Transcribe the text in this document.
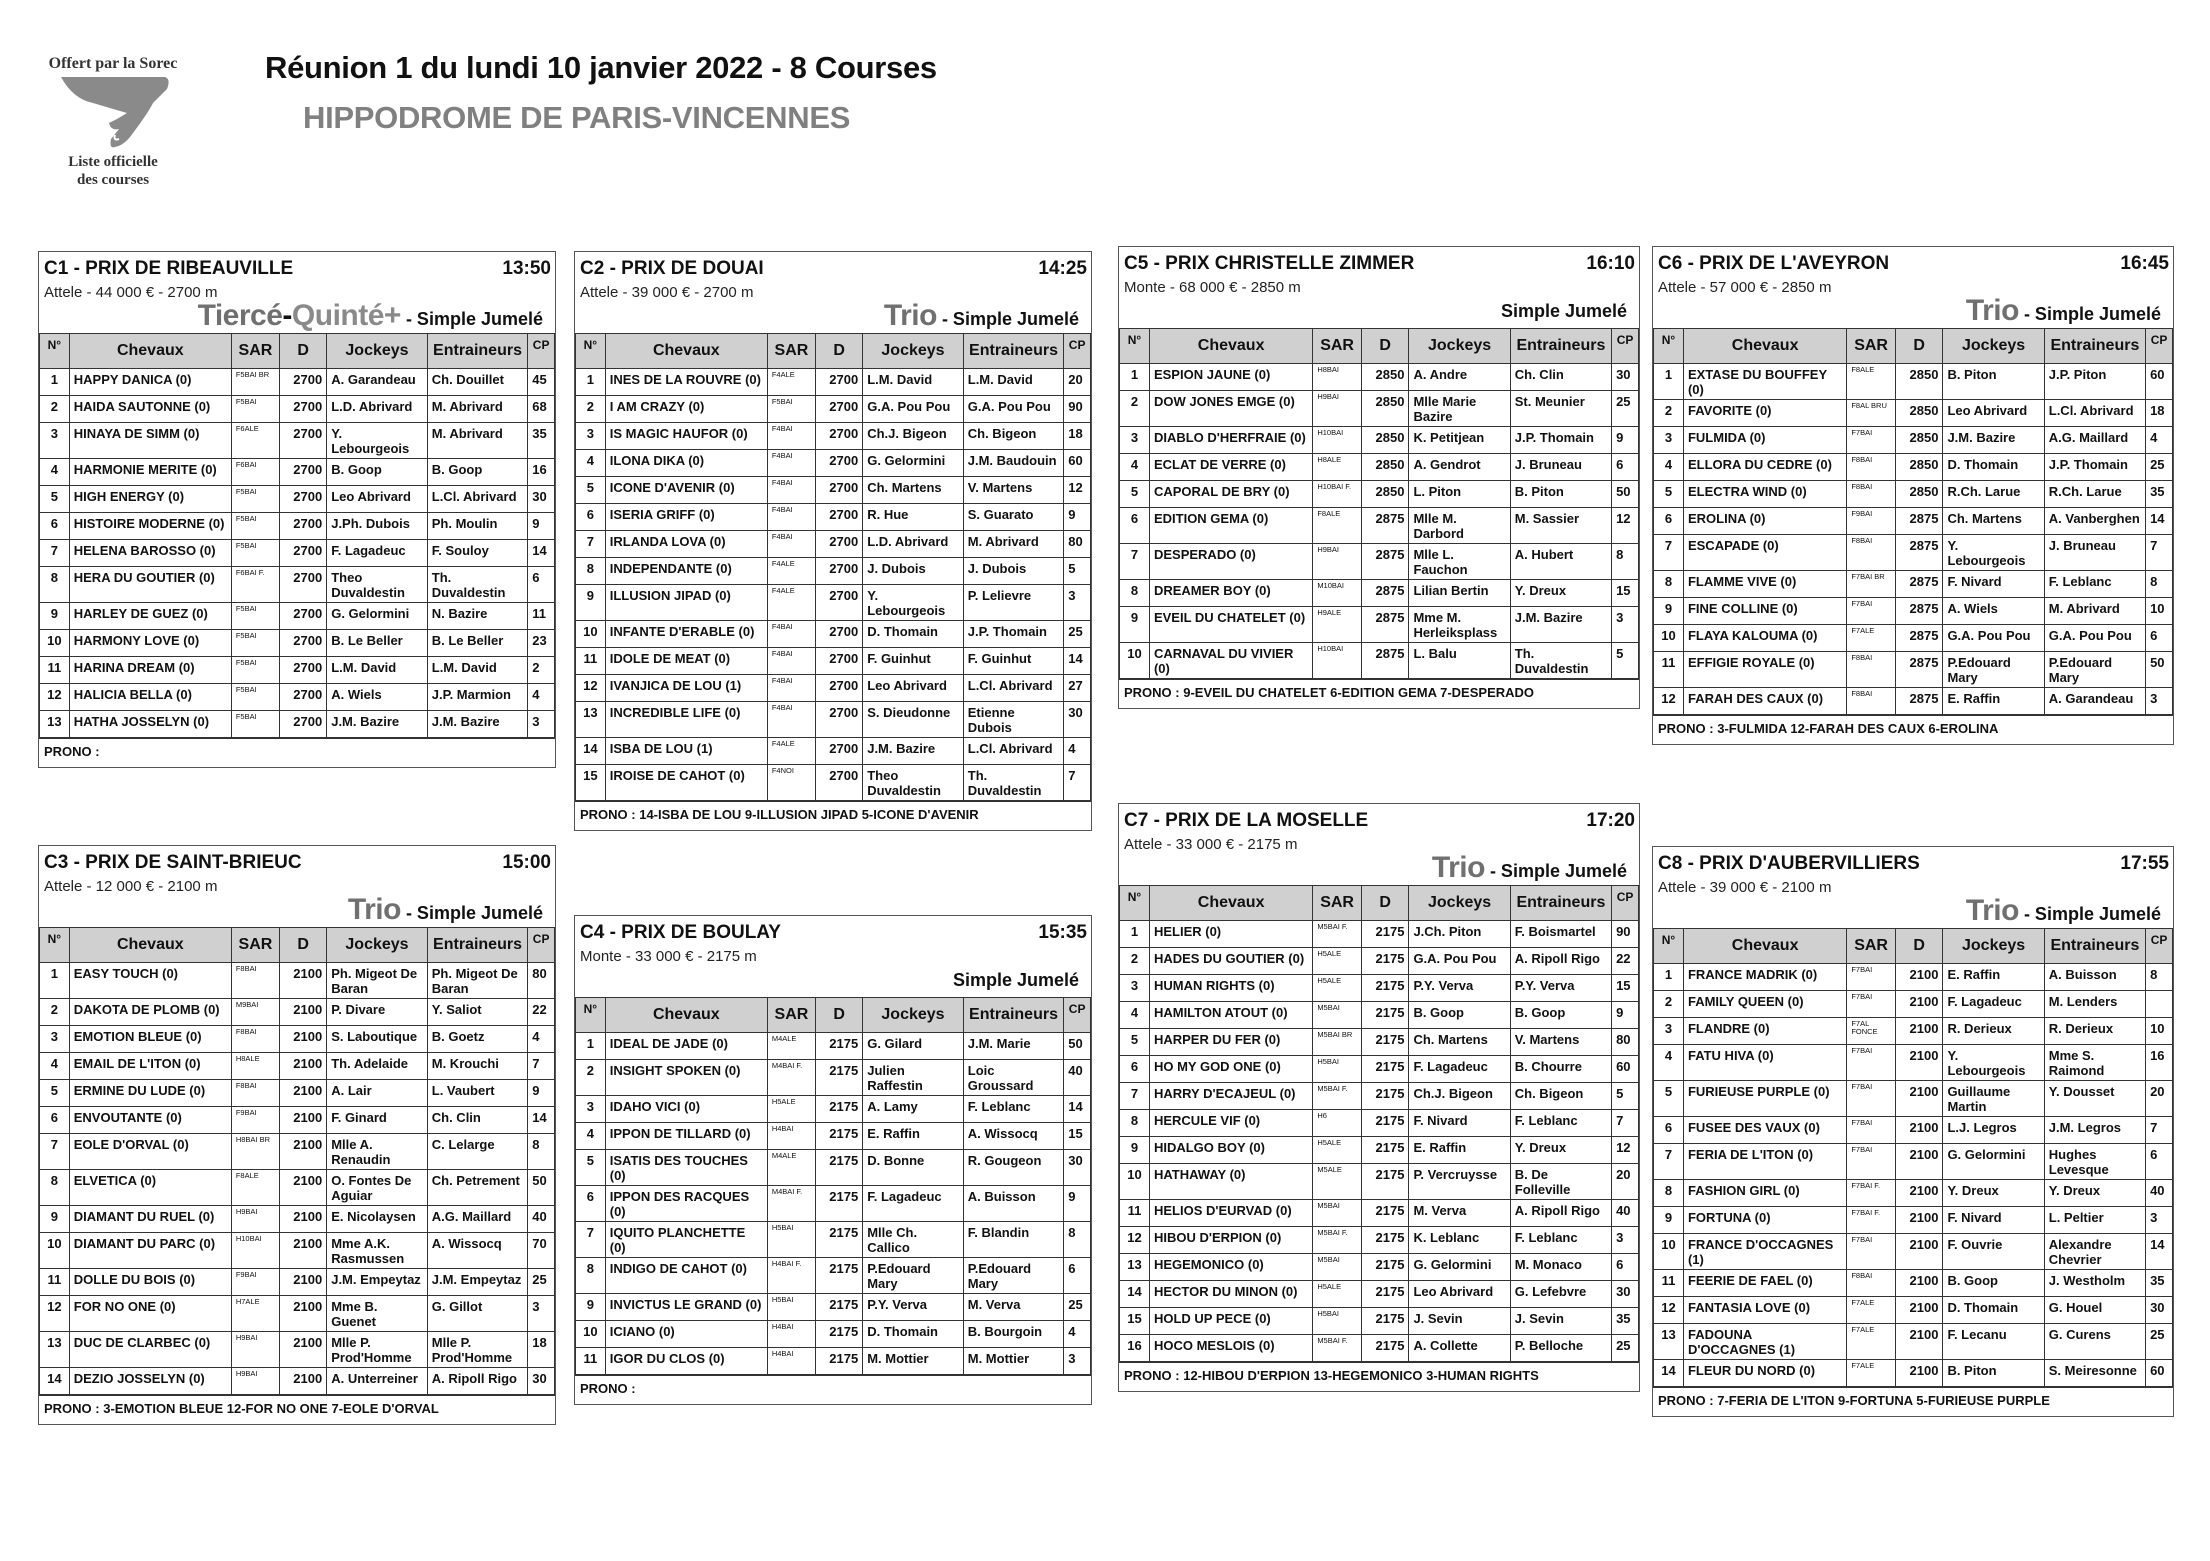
Offert par la Sorec
Liste officielle
des courses
Réunion 1 du lundi 10 janvier 2022 - 8 Courses
HIPPODROME DE PARIS-VINCENNES
C1 - PRIX DE RIBEAUVILLE	13:50
Attele - 44 000 € - 2700 m
Tiercé-Quinté+ - Simple Jumelé
N°	Chevaux	SAR	D	Jockeys	Entraineurs	CP
1	HAPPY DANICA (0)	F5BAI BR	2700	A. Garandeau	Ch. Douillet	45
2	HAIDA SAUTONNE (0)	F5BAI	2700	L.D. Abrivard	M. Abrivard	68
3	HINAYA DE SIMM (0)	F6ALE	2700	Y. Lebourgeois	M. Abrivard	35
4	HARMONIE MERITE (0)	F6BAI	2700	B. Goop	B. Goop	16
5	HIGH ENERGY (0)	F5BAI	2700	Leo Abrivard	L.Cl. Abrivard	30
6	HISTOIRE MODERNE (0)	F5BAI	2700	J.Ph. Dubois	Ph. Moulin	9
7	HELENA BAROSSO (0)	F5BAI	2700	F. Lagadeuc	F. Souloy	14
8	HERA DU GOUTIER (0)	F6BAI F.	2700	Theo Duvaldestin	Th. Duvaldestin	6
9	HARLEY DE GUEZ (0)	F5BAI	2700	G. Gelormini	N. Bazire	11
10	HARMONY LOVE (0)	F5BAI	2700	B. Le Beller	B. Le Beller	23
11	HARINA DREAM (0)	F5BAI	2700	L.M. David	L.M. David	2
12	HALICIA BELLA (0)	F5BAI	2700	A. Wiels	J.P. Marmion	4
13	HATHA JOSSELYN (0)	F5BAI	2700	J.M. Bazire	J.M. Bazire	3
PRONO :
C2 - PRIX DE DOUAI	14:25
Attele - 39 000 € - 2700 m
Trio - Simple Jumelé
N°	Chevaux	SAR	D	Jockeys	Entraineurs	CP
1	INES DE LA ROUVRE (0)	F4ALE	2700	L.M. David	L.M. David	20
2	I AM CRAZY (0)	F5BAI	2700	G.A. Pou Pou	G.A. Pou Pou	90
3	IS MAGIC HAUFOR (0)	F4BAI	2700	Ch.J. Bigeon	Ch. Bigeon	18
4	ILONA DIKA (0)	F4BAI	2700	G. Gelormini	J.M. Baudouin	60
5	ICONE D'AVENIR (0)	F4BAI	2700	Ch. Martens	V. Martens	12
6	ISERIA GRIFF (0)	F4BAI	2700	R. Hue	S. Guarato	9
7	IRLANDA LOVA (0)	F4BAI	2700	L.D. Abrivard	M. Abrivard	80
8	INDEPENDANTE (0)	F4ALE	2700	J. Dubois	J. Dubois	5
9	ILLUSION JIPAD (0)	F4ALE	2700	Y. Lebourgeois	P. Lelievre	3
10	INFANTE D'ERABLE (0)	F4BAI	2700	D. Thomain	J.P. Thomain	25
11	IDOLE DE MEAT (0)	F4BAI	2700	F. Guinhut	F. Guinhut	14
12	IVANJICA DE LOU (1)	F4BAI	2700	Leo Abrivard	L.Cl. Abrivard	27
13	INCREDIBLE LIFE (0)	F4BAI	2700	S. Dieudonne	Etienne Dubois	30
14	ISBA DE LOU (1)	F4ALE	2700	J.M. Bazire	L.Cl. Abrivard	4
15	IROISE DE CAHOT (0)	F4NOI	2700	Theo Duvaldestin	Th. Duvaldestin	7
PRONO : 14-ISBA DE LOU 9-ILLUSION JIPAD 5-ICONE D'AVENIR
C3 - PRIX DE SAINT-BRIEUC	15:00
Attele - 12 000 € - 2100 m
Trio - Simple Jumelé
N°	Chevaux	SAR	D	Jockeys	Entraineurs	CP
1	EASY TOUCH (0)	F8BAI	2100	Ph. Migeot De Baran	Ph. Migeot De Baran	80
2	DAKOTA DE PLOMB (0)	M9BAI	2100	P. Divare	Y. Saliot	22
3	EMOTION BLEUE (0)	F8BAI	2100	S. Laboutique	B. Goetz	4
4	EMAIL DE L'ITON (0)	H8ALE	2100	Th. Adelaide	M. Krouchi	7
5	ERMINE DU LUDE (0)	F8BAI	2100	A. Lair	L. Vaubert	9
6	ENVOUTANTE (0)	F9BAI	2100	F. Ginard	Ch. Clin	14
7	EOLE D'ORVAL (0)	H8BAI BR	2100	Mlle A. Renaudin	C. Lelarge	8
8	ELVETICA (0)	F8ALE	2100	O. Fontes De Aguiar	Ch. Petrement	50
9	DIAMANT DU RUEL (0)	H9BAI	2100	E. Nicolaysen	A.G. Maillard	40
10	DIAMANT DU PARC (0)	H10BAI	2100	Mme A.K. Rasmussen	A. Wissocq	70
11	DOLLE DU BOIS (0)	F9BAI	2100	J.M. Empeytaz	J.M. Empeytaz	25
12	FOR NO ONE (0)	H7ALE	2100	Mme B. Guenet	G. Gillot	3
13	DUC DE CLARBEC (0)	H9BAI	2100	Mlle P. Prod'Homme	Mlle P. Prod'Homme	18
14	DEZIO JOSSELYN (0)	H9BAI	2100	A. Unterreiner	A. Ripoll Rigo	30
PRONO : 3-EMOTION BLEUE 12-FOR NO ONE 7-EOLE D'ORVAL
C4 - PRIX DE BOULAY	15:35
Monte - 33 000 € - 2175 m
Simple Jumelé
N°	Chevaux	SAR	D	Jockeys	Entraineurs	CP
1	IDEAL DE JADE (0)	M4ALE	2175	G. Gilard	J.M. Marie	50
2	INSIGHT SPOKEN (0)	M4BAI F.	2175	Julien Raffestin	Loic Groussard	40
3	IDAHO VICI (0)	H5ALE	2175	A. Lamy	F. Leblanc	14
4	IPPON DE TILLARD (0)	H4BAI	2175	E. Raffin	A. Wissocq	15
5	ISATIS DES TOUCHES (0)	M4ALE	2175	D. Bonne	R. Gougeon	30
6	IPPON DES RACQUES (0)	M4BAI F.	2175	F. Lagadeuc	A. Buisson	9
7	IQUITO PLANCHETTE (0)	H5BAI	2175	Mlle Ch. Callico	F. Blandin	8
8	INDIGO DE CAHOT (0)	H4BAI F.	2175	P.Edouard Mary	P.Edouard Mary	6
9	INVICTUS LE GRAND (0)	H5BAI	2175	P.Y. Verva	M. Verva	25
10	ICIANO (0)	H4BAI	2175	D. Thomain	B. Bourgoin	4
11	IGOR DU CLOS (0)	H4BAI	2175	M. Mottier	M. Mottier	3
PRONO :
C5 - PRIX CHRISTELLE ZIMMER	16:10
Monte - 68 000 € - 2850 m
Simple Jumelé
N°	Chevaux	SAR	D	Jockeys	Entraineurs	CP
1	ESPION JAUNE (0)	H8BAI	2850	A. Andre	Ch. Clin	30
2	DOW JONES EMGE (0)	H9BAI	2850	Mlle Marie Bazire	St. Meunier	25
3	DIABLO D'HERFRAIE (0)	H10BAI	2850	K. Petitjean	J.P. Thomain	9
4	ECLAT DE VERRE (0)	H8ALE	2850	A. Gendrot	J. Bruneau	6
5	CAPORAL DE BRY (0)	H10BAI F.	2850	L. Piton	B. Piton	50
6	EDITION GEMA (0)	F8ALE	2875	Mlle M. Darbord	M. Sassier	12
7	DESPERADO (0)	H9BAI	2875	Mlle L. Fauchon	A. Hubert	8
8	DREAMER BOY (0)	M10BAI	2875	Lilian Bertin	Y. Dreux	15
9	EVEIL DU CHATELET (0)	H9ALE	2875	Mme M. Herleiksplass	J.M. Bazire	3
10	CARNAVAL DU VIVIER (0)	H10BAI	2875	L. Balu	Th. Duvaldestin	5
PRONO : 9-EVEIL DU CHATELET 6-EDITION GEMA 7-DESPERADO
C6 - PRIX DE L'AVEYRON	16:45
Attele - 57 000 € - 2850 m
Trio - Simple Jumelé
N°	Chevaux	SAR	D	Jockeys	Entraineurs	CP
1	EXTASE DU BOUFFEY (0)	F8ALE	2850	B. Piton	J.P. Piton	60
2	FAVORITE (0)	F8AL BRU	2850	Leo Abrivard	L.Cl. Abrivard	18
3	FULMIDA (0)	F7BAI	2850	J.M. Bazire	A.G. Maillard	4
4	ELLORA DU CEDRE (0)	F8BAI	2850	D. Thomain	J.P. Thomain	25
5	ELECTRA WIND (0)	F8BAI	2850	R.Ch. Larue	R.Ch. Larue	35
6	EROLINA (0)	F9BAI	2875	Ch. Martens	A. Vanberghen	14
7	ESCAPADE (0)	F8BAI	2875	Y. Lebourgeois	J. Bruneau	7
8	FLAMME VIVE (0)	F7BAI BR	2875	F. Nivard	F. Leblanc	8
9	FINE COLLINE (0)	F7BAI	2875	A. Wiels	M. Abrivard	10
10	FLAYA KALOUMA (0)	F7ALE	2875	G.A. Pou Pou	G.A. Pou Pou	6
11	EFFIGIE ROYALE (0)	F8BAI	2875	P.Edouard Mary	P.Edouard Mary	50
12	FARAH DES CAUX (0)	F8BAI	2875	E. Raffin	A. Garandeau	3
PRONO : 3-FULMIDA 12-FARAH DES CAUX 6-EROLINA
C7 - PRIX DE LA MOSELLE	17:20
Attele - 33 000 € - 2175 m
Trio - Simple Jumelé
N°	Chevaux	SAR	D	Jockeys	Entraineurs	CP
1	HELIER (0)	M5BAI F.	2175	J.Ch. Piton	F. Boismartel	90
2	HADES DU GOUTIER (0)	H5ALE	2175	G.A. Pou Pou	A. Ripoll Rigo	22
3	HUMAN RIGHTS (0)	H5ALE	2175	P.Y. Verva	P.Y. Verva	15
4	HAMILTON ATOUT (0)	M5BAI	2175	B. Goop	B. Goop	9
5	HARPER DU FER (0)	M5BAI BR	2175	Ch. Martens	V. Martens	80
6	HO MY GOD ONE (0)	H5BAI	2175	F. Lagadeuc	B. Chourre	60
7	HARRY D'ECAJEUL (0)	M5BAI F.	2175	Ch.J. Bigeon	Ch. Bigeon	5
8	HERCULE VIF (0)	H6	2175	F. Nivard	F. Leblanc	7
9	HIDALGO BOY (0)	H5ALE	2175	E. Raffin	Y. Dreux	12
10	HATHAWAY (0)	M5ALE	2175	P. Vercruysse	B. De Folleville	20
11	HELIOS D'EURVAD (0)	M5BAI	2175	M. Verva	A. Ripoll Rigo	40
12	HIBOU D'ERPION (0)	M5BAI F.	2175	K. Leblanc	F. Leblanc	3
13	HEGEMONICO (0)	M5BAI	2175	G. Gelormini	M. Monaco	6
14	HECTOR DU MINON (0)	H5ALE	2175	Leo Abrivard	G. Lefebvre	30
15	HOLD UP PECE (0)	H5BAI	2175	J. Sevin	J. Sevin	35
16	HOCO MESLOIS (0)	M5BAI F.	2175	A. Collette	P. Belloche	25
PRONO : 12-HIBOU D'ERPION 13-HEGEMONICO 3-HUMAN RIGHTS
C8 - PRIX D'AUBERVILLIERS	17:55
Attele - 39 000 € - 2100 m
Trio - Simple Jumelé
N°	Chevaux	SAR	D	Jockeys	Entraineurs	CP
1	FRANCE MADRIK (0)	F7BAI	2100	E. Raffin	A. Buisson	8
2	FAMILY QUEEN (0)	F7BAI	2100	F. Lagadeuc	M. Lenders	
3	FLANDRE (0)	F7AL FONCE	2100	R. Derieux	R. Derieux	10
4	FATU HIVA (0)	F7BAI	2100	Y. Lebourgeois	Mme S. Raimond	16
5	FURIEUSE PURPLE (0)	F7BAI	2100	Guillaume Martin	Y. Dousset	20
6	FUSEE DES VAUX (0)	F7BAI	2100	L.J. Legros	J.M. Legros	7
7	FERIA DE L'ITON (0)	F7BAI	2100	G. Gelormini	Hughes Levesque	6
8	FASHION GIRL (0)	F7BAI F.	2100	Y. Dreux	Y. Dreux	40
9	FORTUNA (0)	F7BAI F.	2100	F. Nivard	L. Peltier	3
10	FRANCE D'OCCAGNES (1)	F7BAI	2100	F. Ouvrie	Alexandre Chevrier	14
11	FEERIE DE FAEL (0)	F8BAI	2100	B. Goop	J. Westholm	35
12	FANTASIA LOVE (0)	F7ALE	2100	D. Thomain	G. Houel	30
13	FADOUNA D'OCCAGNES (1)	F7ALE	2100	F. Lecanu	G. Curens	25
14	FLEUR DU NORD (0)	F7ALE	2100	B. Piton	S. Meiresonne	60
PRONO : 7-FERIA DE L'ITON 9-FORTUNA 5-FURIEUSE PURPLE
